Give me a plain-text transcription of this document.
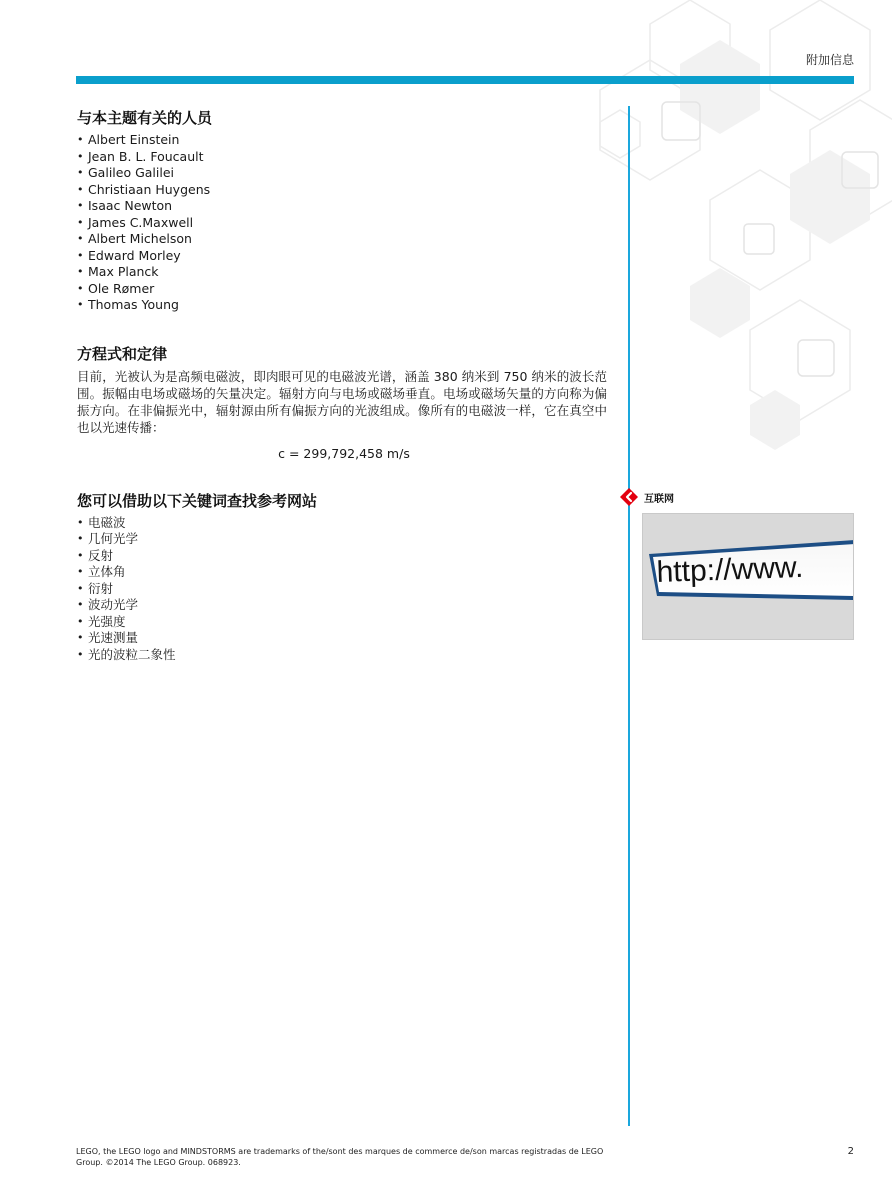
附加信息
与本主题有关的人员
• Albert Einstein
• Jean B. L. Foucault
• Galileo Galilei
• Christiaan Huygens
• Isaac Newton
• James C.Maxwell
• Albert Michelson
• Edward Morley
• Max Planck
• Ole Rømer
• Thomas Young
方程式和定律

目前，光被认为是高频电磁波，即肉眼可见的电磁波光谱，涵盖 380 纳米到 750 纳米的波长范围。振幅由电场或磁场的矢量决定。辐射方向与电场或磁场垂直。电场或磁场矢量的方向称为偏振方向。在非偏振光中，辐射源由所有偏振方向的光波组成。像所有的电磁波一样，它在真空中也以光速传播：

c = 299,792,458 m/s
您可以借助以下关键词查找参考网站
• 电磁波
• 几何光学
• 反射
• 立体角
• 衍射
• 波动光学
• 光强度
• 光速测量
• 光的波粒二象性
互联网
http://www.
LEGO, the LEGO logo and MINDSTORMS are trademarks of the/sont des marques de commerce de/son marcas registradas de LEGO Group. ©2014 The LEGO Group. 068923.
2
